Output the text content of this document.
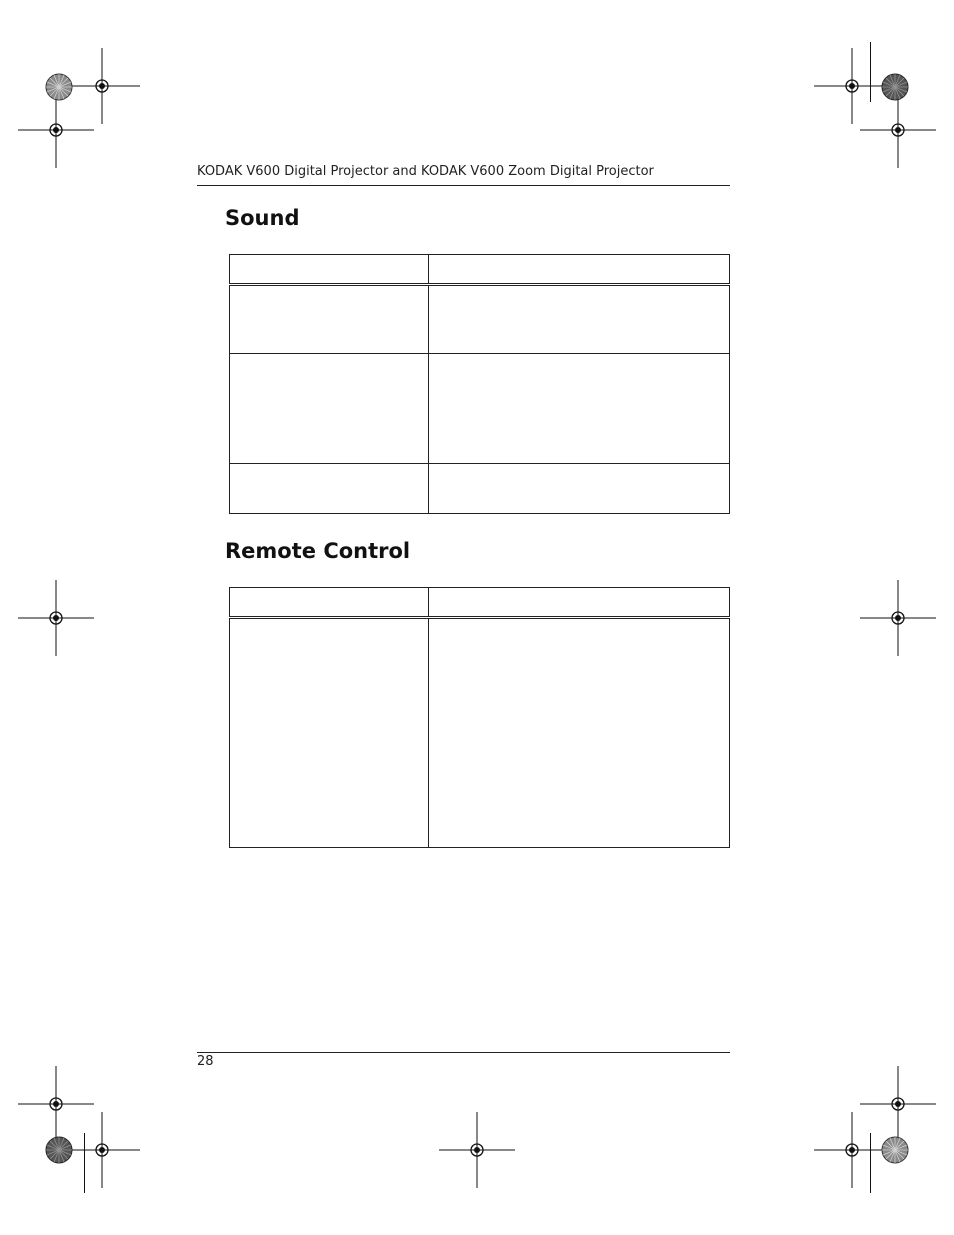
KODAK V600 Digital Projector and KODAK V600 Zoom Digital Projector
Sound

Remote Control

28
